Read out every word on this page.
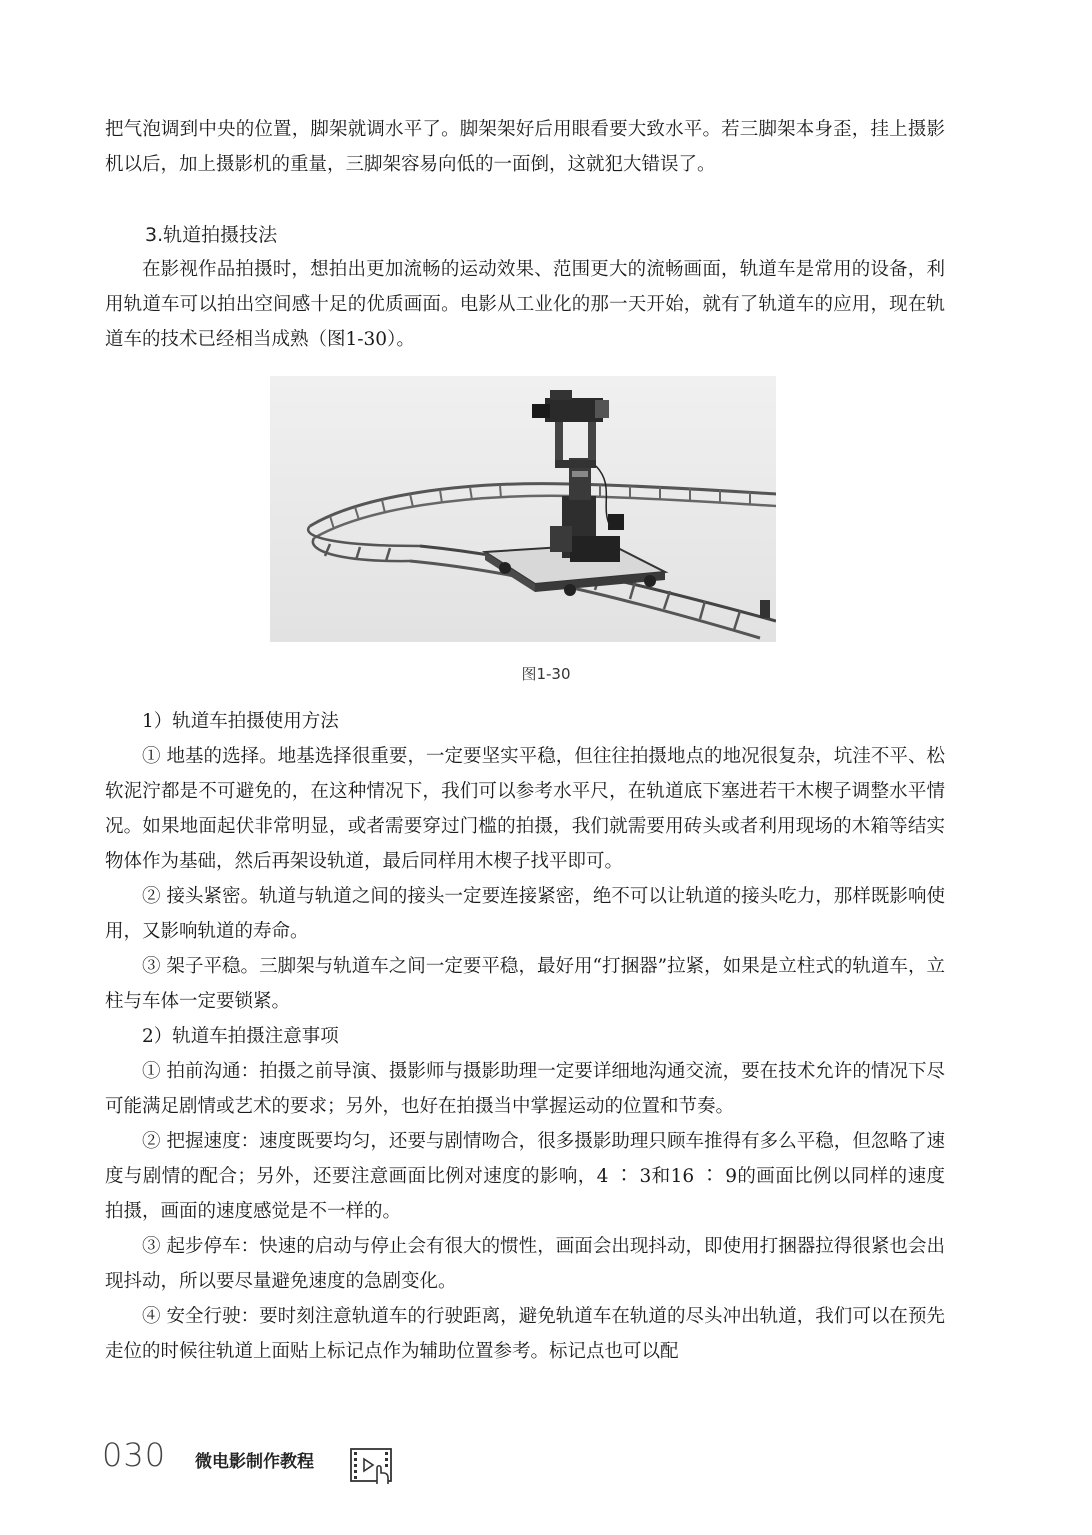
把气泡调到中央的位置，脚架就调水平了。脚架架好后用眼看要大致水平。若三脚架本身歪，挂上摄影机以后，加上摄影机的重量，三脚架容易向低的一面倒，这就犯大错误了。

3.轨道拍摄技法

在影视作品拍摄时，想拍出更加流畅的运动效果、范围更大的流畅画面，轨道车是常用的设备，利用轨道车可以拍出空间感十足的优质画面。电影从工业化的那一天开始，就有了轨道车的应用，现在轨道车的技术已经相当成熟（图1-30）。

图1-30

1）轨道车拍摄使用方法

① 地基的选择。地基选择很重要，一定要坚实平稳，但往往拍摄地点的地况很复杂，坑洼不平、松软泥泞都是不可避免的，在这种情况下，我们可以参考水平尺，在轨道底下塞进若干木楔子调整水平情况。如果地面起伏非常明显，或者需要穿过门槛的拍摄，我们就需要用砖头或者利用现场的木箱等结实物体作为基础，然后再架设轨道，最后同样用木楔子找平即可。

② 接头紧密。轨道与轨道之间的接头一定要连接紧密，绝不可以让轨道的接头吃力，那样既影响使用，又影响轨道的寿命。

③ 架子平稳。三脚架与轨道车之间一定要平稳，最好用“打捆器”拉紧，如果是立柱式的轨道车，立柱与车体一定要锁紧。

2）轨道车拍摄注意事项

① 拍前沟通：拍摄之前导演、摄影师与摄影助理一定要详细地沟通交流，要在技术允许的情况下尽可能满足剧情或艺术的要求；另外，也好在拍摄当中掌握运动的位置和节奏。

② 把握速度：速度既要均匀，还要与剧情吻合，很多摄影助理只顾车推得有多么平稳，但忽略了速度与剧情的配合；另外，还要注意画面比例对速度的影响，4 ∶ 3和16 ∶ 9的画面比例以同样的速度拍摄，画面的速度感觉是不一样的。

③ 起步停车：快速的启动与停止会有很大的惯性，画面会出现抖动，即使用打捆器拉得很紧也会出现抖动，所以要尽量避免速度的急剧变化。

④ 安全行驶：要时刻注意轨道车的行驶距离，避免轨道车在轨道的尽头冲出轨道，我们可以在预先走位的时候往轨道上面贴上标记点作为辅助位置参考。标记点也可以配

030 微电影制作教程
